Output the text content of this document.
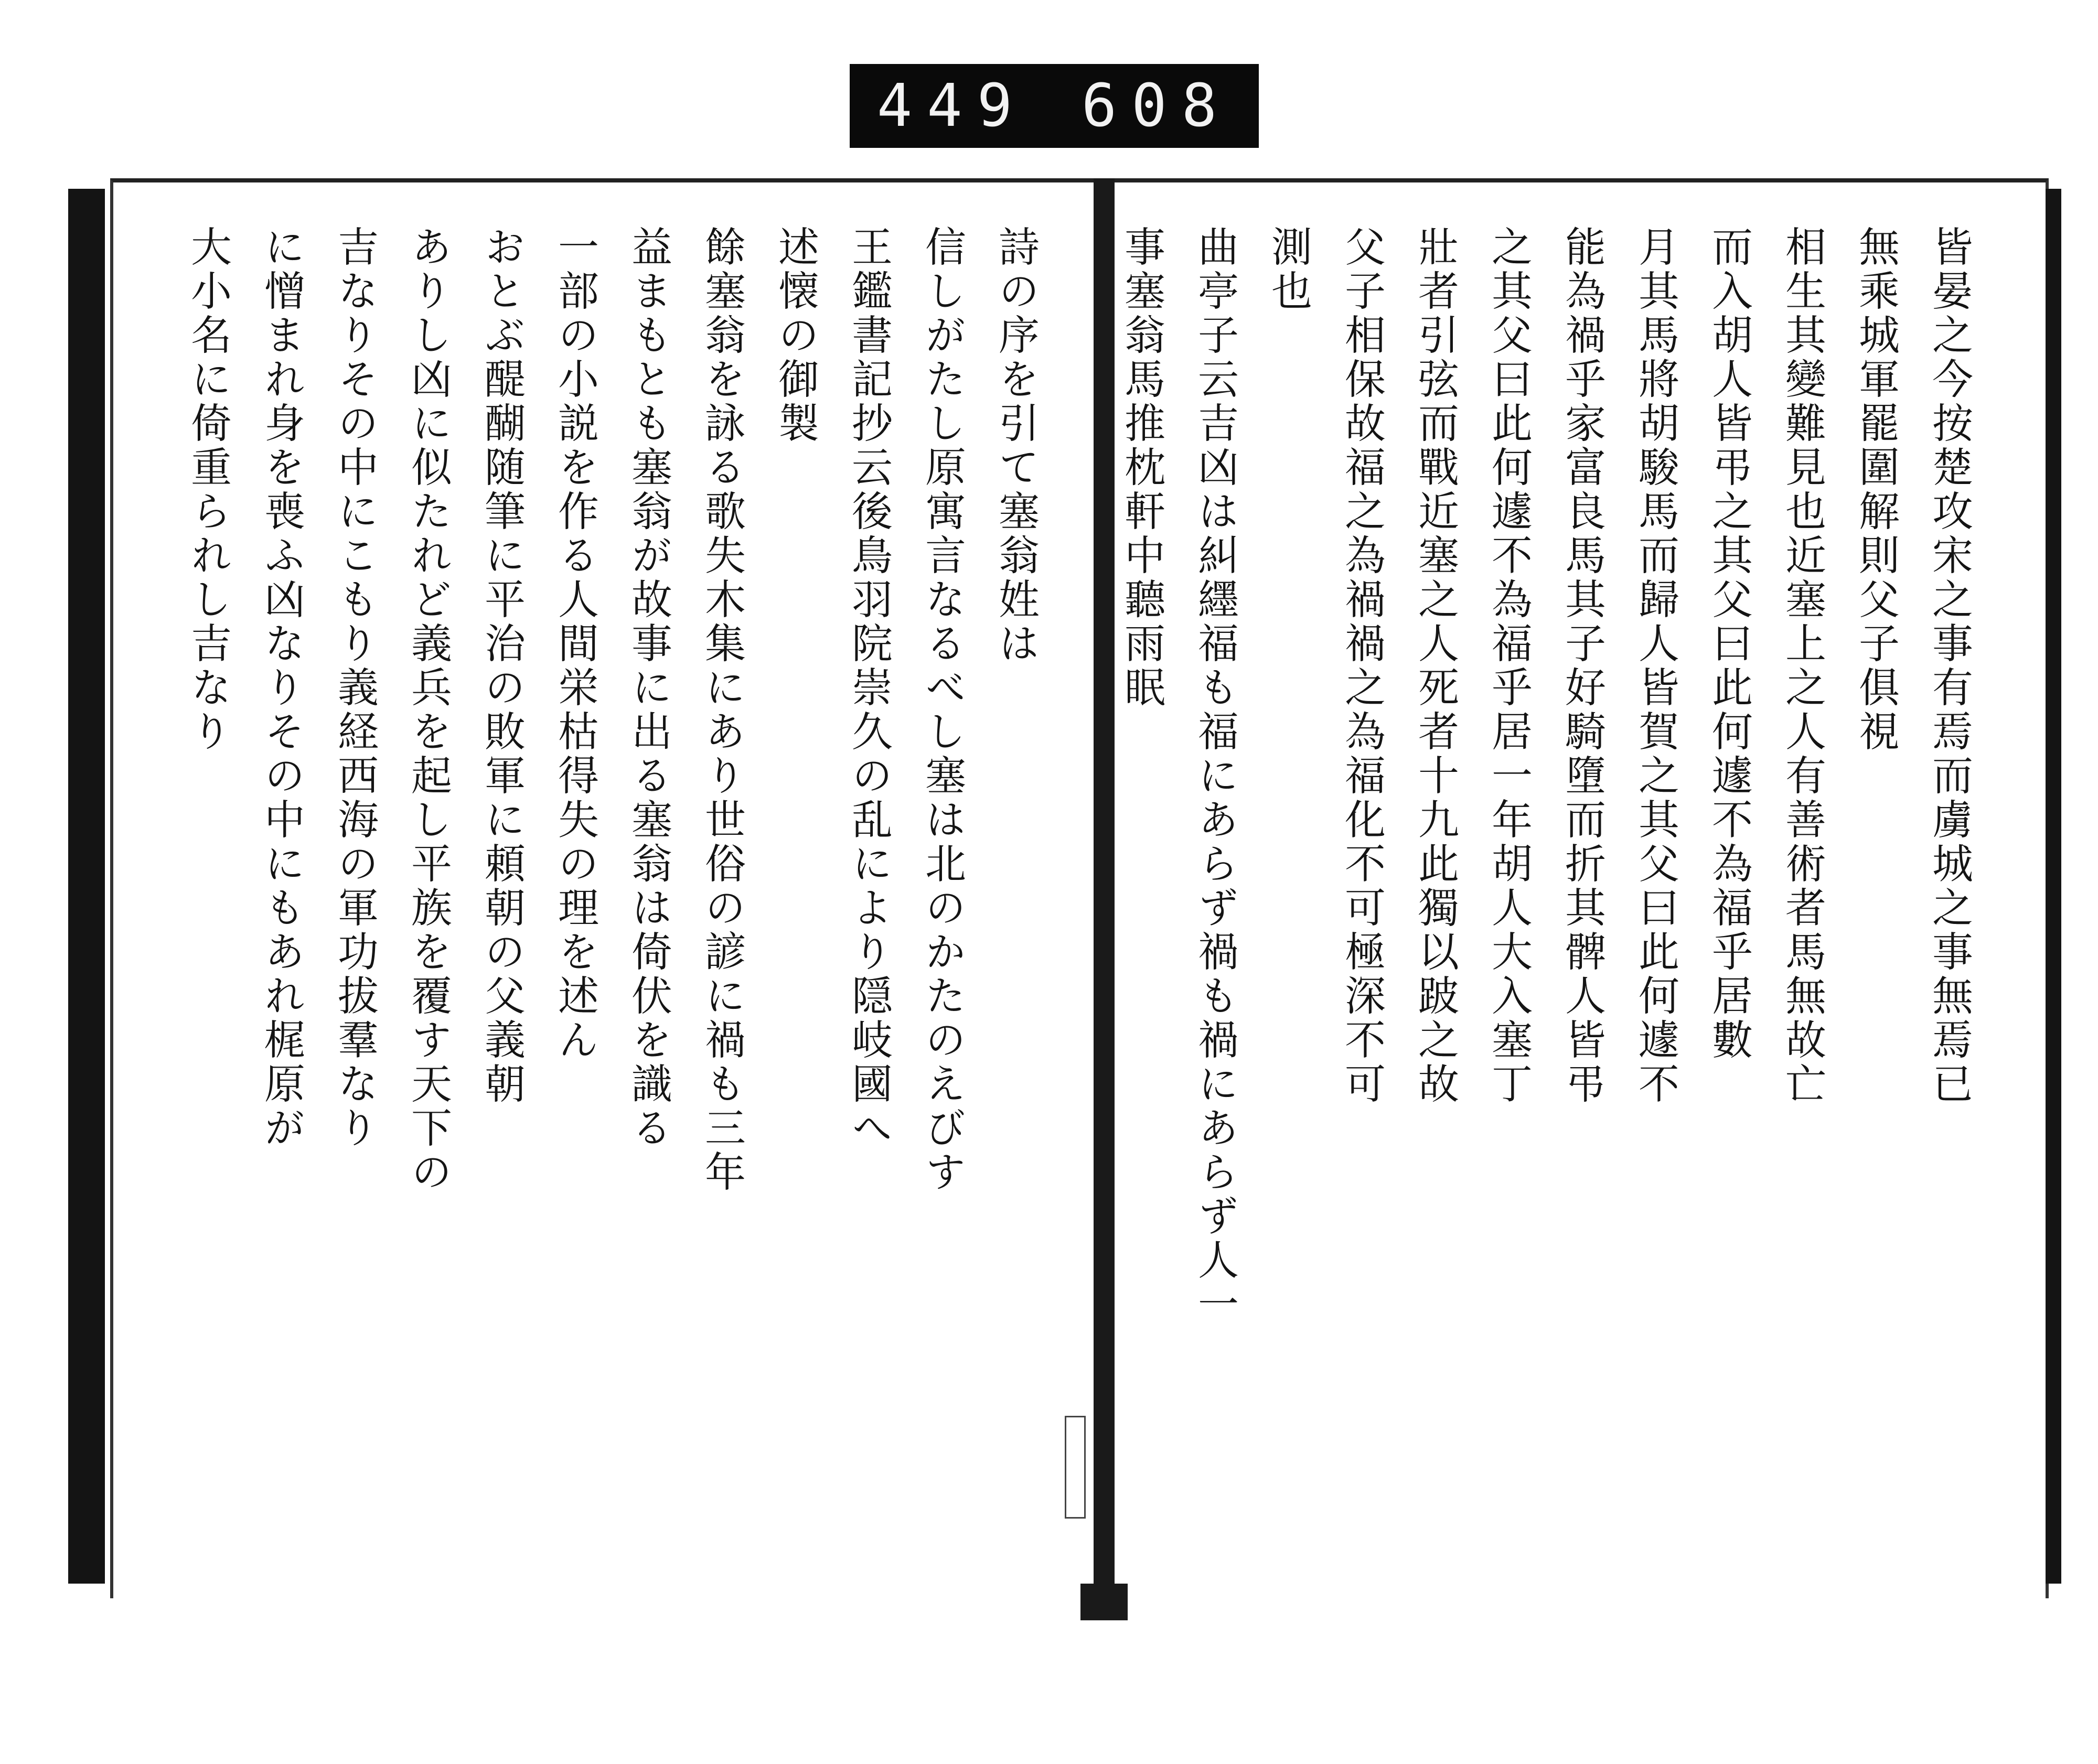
449 608
皆晏之今按楚攻宋之事有焉而虜城之事無焉已
無乘城軍罷圍解則父子俱視
相生其變難見也近塞上之人有善術者馬無故亡
而入胡人皆弔之其父曰此何遽不為福乎居數
月其馬將胡駿馬而歸人皆賀之其父曰此何遽不
能為禍乎家富良馬其子好騎墮而折其髀人皆弔
之其父曰此何遽不為福乎居一年胡人大入塞丁
壯者引弦而戰近塞之人死者十九此獨以跛之故
父子相保故福之為禍禍之為福化不可極深不可
測也
曲亭子云吉凶は糾纆福も福にあらず禍も禍にあらず人一
事塞翁馬推枕軒中聽雨眠
詩の序を引て塞翁姓は
信しがたし原寓言なるべし塞は北のかたのえびす
王鑑書記抄云後鳥羽院崇久の乱により隠岐國へ
述懐の御製
餘塞翁を詠る歌失木集にあり世俗の諺に禍も三年
益まもとも塞翁が故事に出る塞翁は倚伏を識る
一部の小説を作る人間栄枯得失の理を述ん
おとぶ醍醐随筆に平治の敗軍に頼朝の父義朝
ありし凶に似たれど義兵を起し平族を覆す天下の
吉なりその中にこもり義経西海の軍功拔羣なり
に憎まれ身を喪ふ凶なりその中にもあれ梶原が
大小名に倚重られし吉なり
